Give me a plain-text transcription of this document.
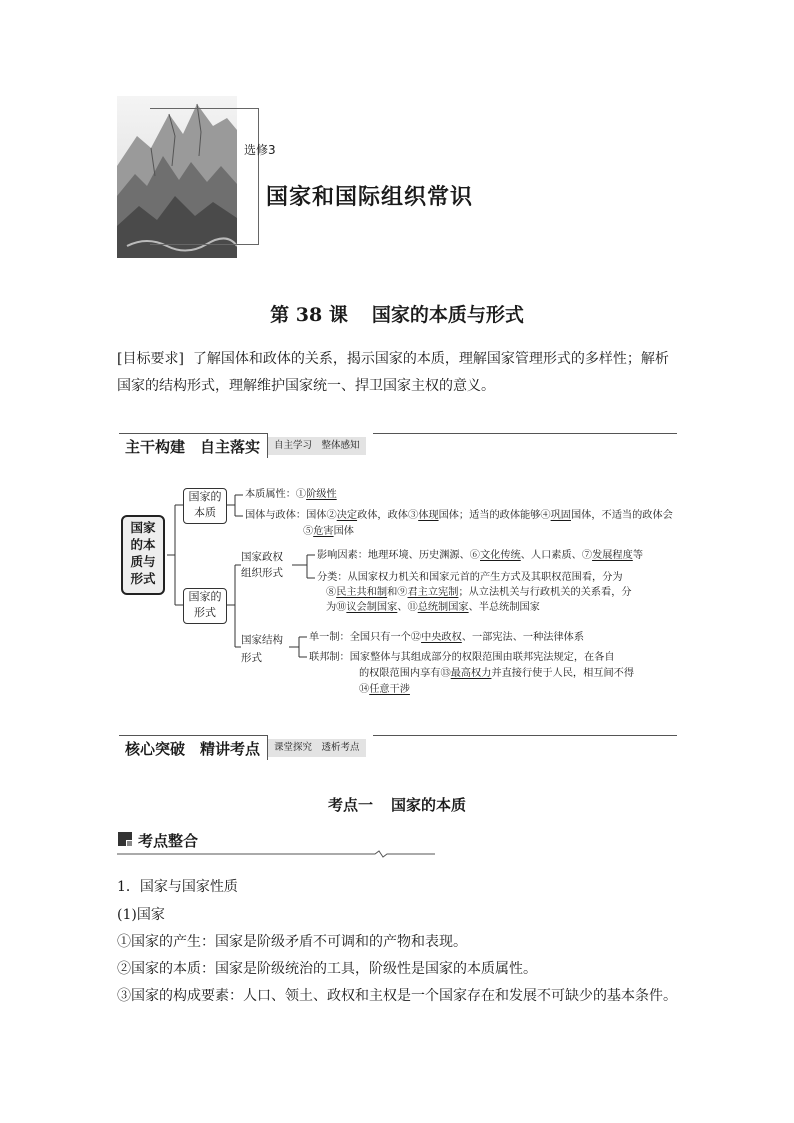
选修3
国家和国际组织常识
第 38 课 国家的本质与形式
[目标要求] 了解国体和政体的关系，揭示国家的本质，理解国家管理形式的多样性；解析国家的结构形式，理解维护国家统一、捍卫国家主权的意义。
主干构建　自主落实	自主学习　整体感知
国家
的本
质与
形式
国家的
本质
国家的
形式
国家政权
组织形式
国家结构
形式
本质属性：①阶级性
国体与政体：国体②决定政体，政体③体现国体；适当的政体能够④巩固国体，不适当的政体会
⑤危害国体
影响因素：地理环境、历史渊源、⑥文化传统、人口素质、⑦发展程度等
分类：从国家权力机关和国家元首的产生方式及其职权范围看，分为
⑧民主共和制和⑨君主立宪制；从立法机关与行政机关的关系看，分
为⑩议会制国家、⑪总统制国家、半总统制国家
单一制：全国只有一个⑫中央政权、一部宪法、一种法律体系
联邦制：国家整体与其组成部分的权限范围由联邦宪法规定，在各自
的权限范围内享有⑬最高权力并直接行使于人民，相互间不得
⑭任意干涉
核心突破　精讲考点	课堂探究　透析考点
考点一 国家的本质
考点整合
1．国家与国家性质
(1)国家
①国家的产生：国家是阶级矛盾不可调和的产物和表现。
②国家的本质：国家是阶级统治的工具，阶级性是国家的本质属性。
③国家的构成要素：人口、领土、政权和主权是一个国家存在和发展不可缺少的基本条件。
